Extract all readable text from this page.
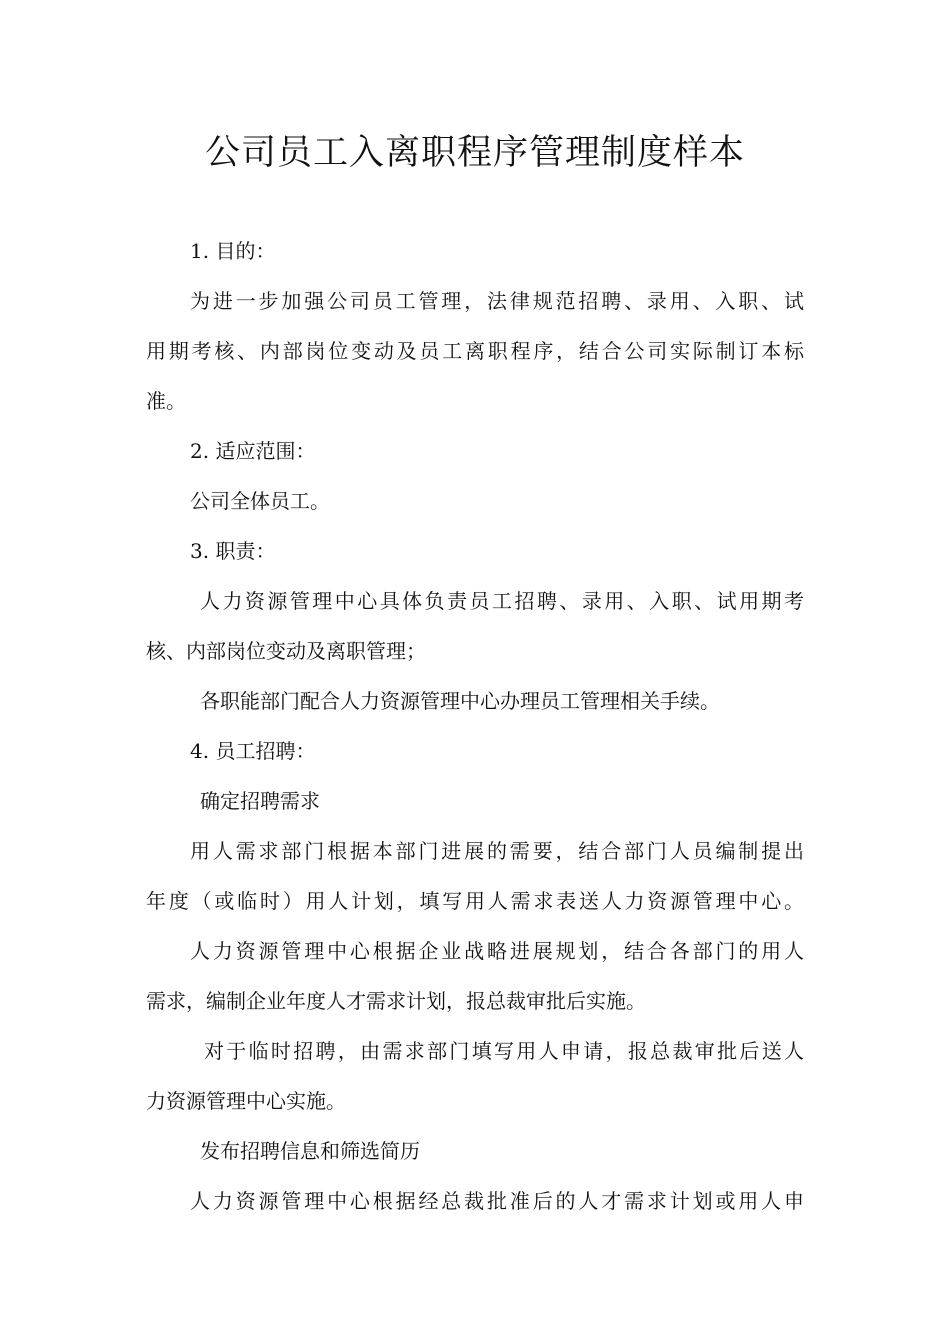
公司员工入离职程序管理制度样本
1. 目的：
为进一步加强公司员工管理，法律规范招聘、录用、入职、试
用期考核、内部岗位变动及员工离职程序，结合公司实际制订本标
准。
2. 适应范围：
公司全体员工。
3. 职责：
人力资源管理中心具体负责员工招聘、录用、入职、试用期考
核、内部岗位变动及离职管理；
各职能部门配合人力资源管理中心办理员工管理相关手续。
4. 员工招聘：
确定招聘需求
用人需求部门根据本部门进展的需要，结合部门人员编制提出
年度（或临时）用人计划，填写用人需求表送人力资源管理中心。
人力资源管理中心根据企业战略进展规划，结合各部门的用人
需求，编制企业年度人才需求计划，报总裁审批后实施。
对于临时招聘，由需求部门填写用人申请，报总裁审批后送人
力资源管理中心实施。
发布招聘信息和筛选简历
人力资源管理中心根据经总裁批准后的人才需求计划或用人申
